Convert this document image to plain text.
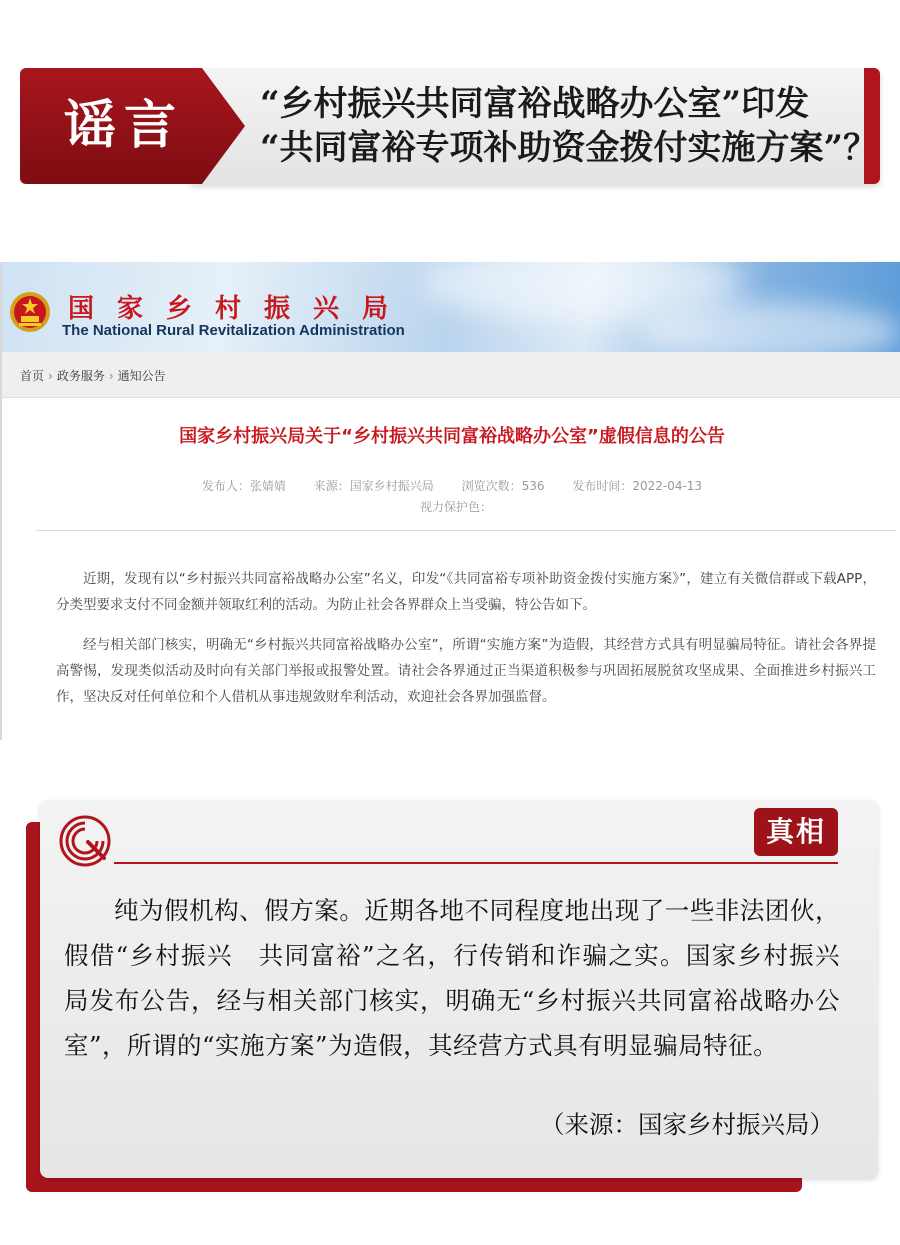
谣言 “乡村振兴共同富裕战略办公室”印发
“共同富裕专项补助资金拨付实施方案”？
国家乡村振兴局
The National Rural Revitalization Administration
首页 › 政务服务 › 通知公告
国家乡村振兴局关于“乡村振兴共同富裕战略办公室”虚假信息的公告
发布人：张婧婧 来源：国家乡村振兴局 浏览次数：536 发布时间：2022-04-13
视力保护色：

近期，发现有以“乡村振兴共同富裕战略办公室”名义，印发“《共同富裕专项补助资金拨付实施方案》”，建立有关微信群或下载APP，分类型要求支付不同金额并领取红利的活动。为防止社会各界群众上当受骗，特公告如下。

经与相关部门核实，明确无“乡村振兴共同富裕战略办公室”，所谓“实施方案”为造假，其经营方式具有明显骗局特征。请社会各界提高警惕，发现类似活动及时向有关部门举报或报警处置。请社会各界通过正当渠道积极参与巩固拓展脱贫攻坚成果、全面推进乡村振兴工作，坚决反对任何单位和个人借机从事违规敛财牟利活动，欢迎社会各界加强监督。

真相

纯为假机构、假方案。近期各地不同程度地出现了一些非法团伙，假借“乡村振兴　共同富裕”之名，行传销和诈骗之实。国家乡村振兴局发布公告，经与相关部门核实，明确无“乡村振兴共同富裕战略办公室”，所谓的“实施方案”为造假，其经营方式具有明显骗局特征。

（来源：国家乡村振兴局）
